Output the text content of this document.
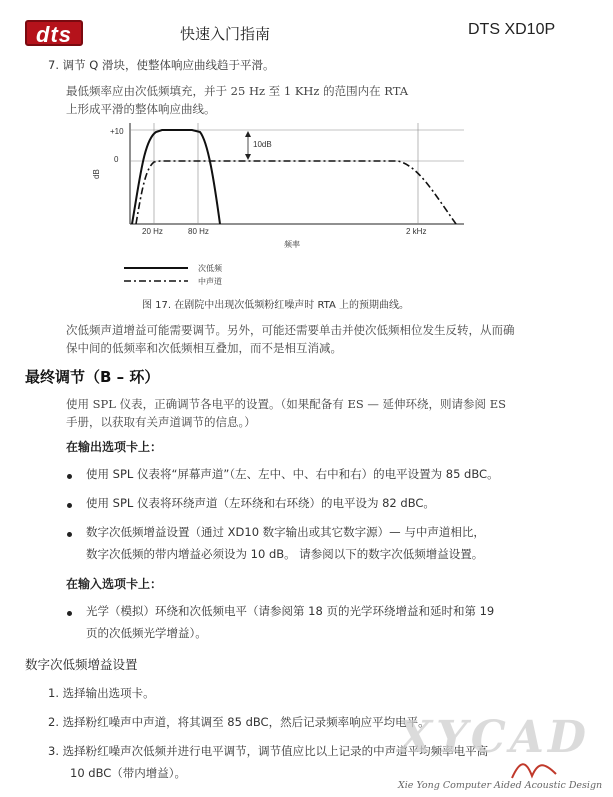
dts	快速入门指南	DTS XD10P
7. 调节 Q 滑块，使整体响应曲线趋于平滑。
最低频率应由次低频填充，并于 25 Hz 至 1 KHz 的范围内在 RTA
上形成平滑的整体响应曲线。
dB
+10
0
10dB
20 Hz	80 Hz	2 kHz
频率
次低频
中声道
图 17. 在剧院中出现次低频粉红噪声时 RTA 上的预期曲线。
次低频声道增益可能需要调节。另外，可能还需要单击并使次低频相位发生反转，从而确
保中间的低频率和次低频相互叠加，而不是相互消减。
最终调节（B – 环）
使用 SPL 仪表，正确调节各电平的设置。（如果配备有 ES — 延伸环绕，则请参阅 ES
手册，以获取有关声道调节的信息。）
在输出选项卡上：
使用 SPL 仪表将“屏幕声道”（左、左中、中、右中和右）的电平设置为 85 dBC。
使用 SPL 仪表将环绕声道（左环绕和右环绕）的电平设为 82 dBC。
数字次低频增益设置（通过 XD10 数字输出或其它数字源）— 与中声道相比，
数字次低频的带内增益必须设为 10 dB。 请参阅以下的数字次低频增益设置。
在输入选项卡上：
光学（模拟）环绕和次低频电平（请参阅第 18 页的光学环绕增益和延时和第 19
页的次低频光学增益）。
数字次低频增益设置
1. 选择输出选项卡。
2. 选择粉红噪声中声道，将其调至 85 dBC，然后记录频率响应平均电平。
3. 选择粉红噪声次低频并进行电平调节，调节值应比以上记录的中声道平均频率电平高
10 dBC（带内增益）。
XYCAD
Xie Yong Computer Aided Acoustic Design
